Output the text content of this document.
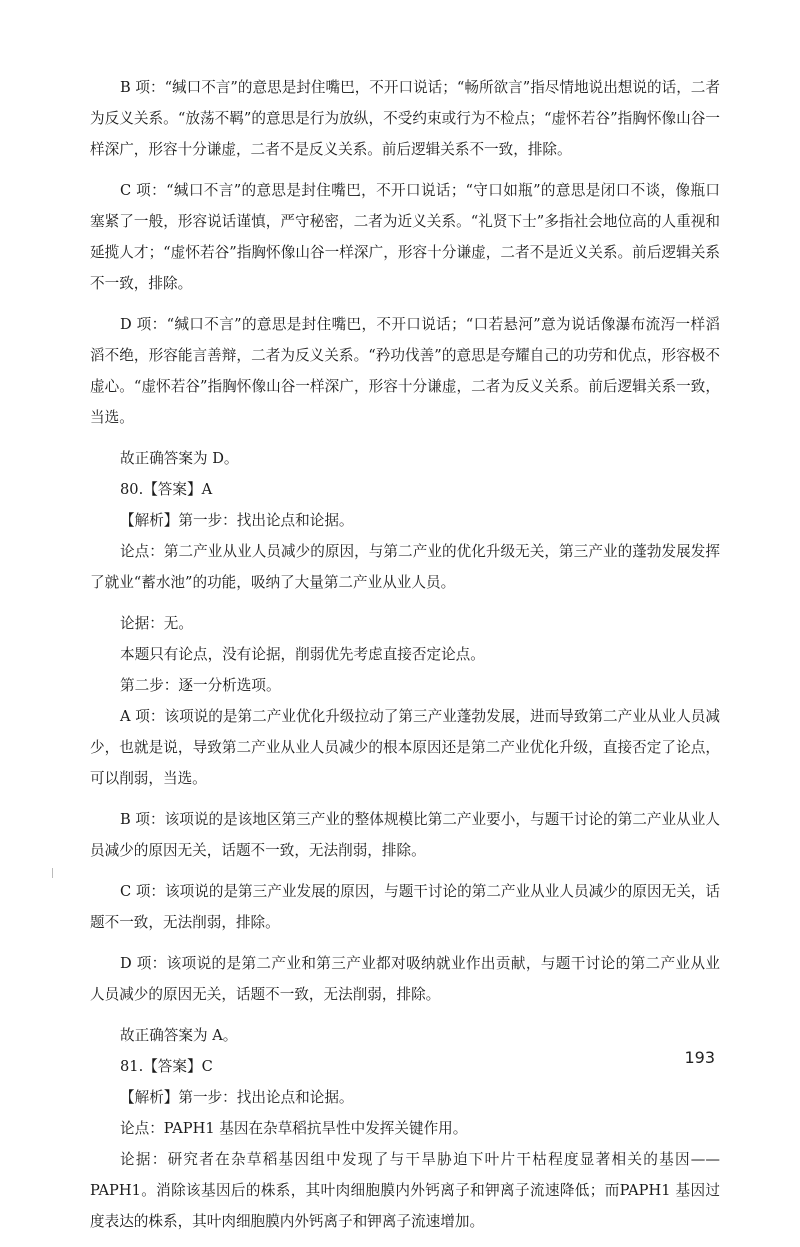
B 项：“缄口不言”的意思是封住嘴巴，不开口说话；“畅所欲言”指尽情地说出想说的话，二者为反义关系。“放荡不羁”的意思是行为放纵，不受约束或行为不检点；“虚怀若谷”指胸怀像山谷一样深广，形容十分谦虚，二者不是反义关系。前后逻辑关系不一致，排除。

C 项：“缄口不言”的意思是封住嘴巴，不开口说话；“守口如瓶”的意思是闭口不谈，像瓶口塞紧了一般，形容说话谨慎，严守秘密，二者为近义关系。“礼贤下士”多指社会地位高的人重视和延揽人才；“虚怀若谷”指胸怀像山谷一样深广，形容十分谦虚，二者不是近义关系。前后逻辑关系不一致，排除。

D 项：“缄口不言”的意思是封住嘴巴，不开口说话；“口若悬河”意为说话像瀑布流泻一样滔滔不绝，形容能言善辩，二者为反义关系。“矜功伐善”的意思是夸耀自己的功劳和优点，形容极不虚心。“虚怀若谷”指胸怀像山谷一样深广，形容十分谦虚，二者为反义关系。前后逻辑关系一致，当选。

故正确答案为 D。

80.【答案】A

【解析】第一步：找出论点和论据。

论点：第二产业从业人员减少的原因，与第二产业的优化升级无关，第三产业的蓬勃发展发挥了就业“蓄水池”的功能，吸纳了大量第二产业从业人员。

论据：无。

本题只有论点，没有论据，削弱优先考虑直接否定论点。

第二步：逐一分析选项。

A 项：该项说的是第二产业优化升级拉动了第三产业蓬勃发展，进而导致第二产业从业人员减少，也就是说，导致第二产业从业人员减少的根本原因还是第二产业优化升级，直接否定了论点，可以削弱，当选。

B 项：该项说的是该地区第三产业的整体规模比第二产业要小，与题干讨论的第二产业从业人员减少的原因无关，话题不一致，无法削弱，排除。

C 项：该项说的是第三产业发展的原因，与题干讨论的第二产业从业人员减少的原因无关，话题不一致，无法削弱，排除。

D 项：该项说的是第二产业和第三产业都对吸纳就业作出贡献，与题干讨论的第二产业从业人员减少的原因无关，话题不一致，无法削弱，排除。

故正确答案为 A。

81.【答案】C

【解析】第一步：找出论点和论据。

论点：PAPH1 基因在杂草稻抗旱性中发挥关键作用。

论据：研究者在杂草稻基因组中发现了与干旱胁迫下叶片干枯程度显著相关的基因——PAPH1。消除该基因后的株系，其叶肉细胞膜内外钙离子和钾离子流速降低；而PAPH1 基因过度表达的株系，其叶肉细胞膜内外钙离子和钾离子流速增加。

193
